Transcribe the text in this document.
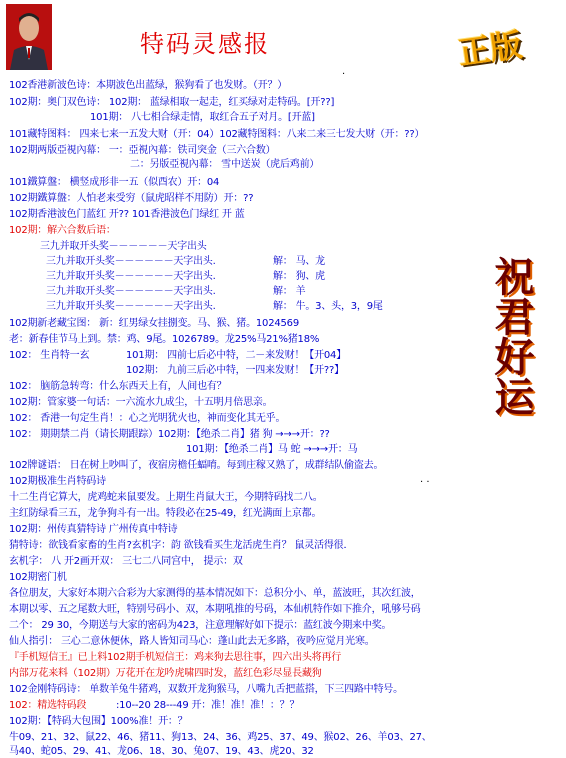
特码灵感报	正版
.
祝君好运
102香港新波色诗：本期波色出蓝绿，猴狗看了也发财。（开？）
102期：奥门双色诗： 102期： 蓝绿相取一起走，红买绿对走特码。[开??]
101期： 八七相合绿走情，取红合五子对月。[开蓝]
101藏特图料： 四来七来一五发大财（开：04）102藏特图料：八来二来三七发大财（开：??）
102期两版亞視內幕： 一：亞視內幕：铁司突金（三六合数）
二：另版亞視內幕： 雪中送炭（虎后鸡前）
101鐵算盤： 横竖成形非一五（似酉农）开：04
102期鐵算盤：人怕老来受穷（鼠虎昭样不用防）开：??
102期香港波色门蓝红 开?? 101香港波色门绿红 开 蓝
102期：解六合数后语：
三九并取开头奖－－－－－－天字出头
三九并取开头奖－－－－－－天字出头.	解： 马、龙
三九并取开头奖－－－－－－天字出头.	解： 狗、虎
三九并取开头奖－－－－－－天字出头.	解： 羊
三九并取开头奖－－－－－－天字出头.	解： 牛。3、头，3，9尾
102期新老藏宝图： 新：红男绿女挂捌变。马、猴、猪。1024569
老：新春佳节马上到。禁：鸡、9尾。1026789。龙25%马21%猪18%
102： 生肖特一玄	101期： 四前七后必中特，二－来发财！【开04】
102期： 九前三后必中特，一四来发财！【开??】
102： 脑筋急转弯：什么东西天上有，人间也有？
102期：管家婆一句话：一六流水九成尘，十五明月倍思亲。
102： 香港一句定生肖！：心之光明犹火也，神而变化其无乎。
102： 期期禁二肖（请长期跟踪）102期：【绝杀二肖】猪 狗 →→→开：??
101期：【绝杀二肖】马 蛇 →→→开：马
102牌谜语： 日在树上吵叫了，夜宿房檐任蝠唷。每到庄稼又熟了，成群结队偷盗去。
102期极准生肖特码诗	. .
十二生肖它算大，虎鸡蛇来鼠要发。上期生肖鼠大王，今期特码找二八。
主红防绿看三五，龙争狗斗有一出。特段必在25-49，红光满面上京都。
102期：州传真猜特诗 广州传真中特诗
猜特诗：欲钱看家畜的生肖?玄机字：韵 欲钱看买生龙活虎生肖？ 鼠灵活得很．
玄机字： 八 开2画开双： 三七二八同宫中， 提示：双
102期密门机
各位朋友，大家好本期六合彩为大家测得的基本情况如下：总积分小、单，蓝波旺，其次红波，
本期以零、五之尾数大旺，特别号码小、双，本期吼推的号码，本仙机特作如下推介，吼够号码
二个： 29 30，今期送与大家的密码为423，注意理解好如下提示：蓝红波今期来中奖。
仙人指引： 三心二意休便休，路人皆知司马心：蓬山此去无多路，夜吟应觉月光寒。
『手机短信王』已上料102期手机短信王：鸡来狗去思往事，四六出头将再行
内部万花来料（102期）万花开在龙吟虎啸四时发，蓝红色彩尽显長藏狗
102金刚特码诗： 单数羊兔牛猪鸡，双数开龙狗猴马，八嘴九舌把蓝搭，下三四路中特号。
102：精选特码段	:10--20 28---49 开：准！准！准！：？？
102期：【特码大包围】100%准！开：？
牛09、21、32、鼠22、46、猪11、狗13、24、36、鸡25、37、49、猴02、26、羊03、27、
马40、蛇05、29、41、龙06、18、30、兔07、19、43、虎20、32
